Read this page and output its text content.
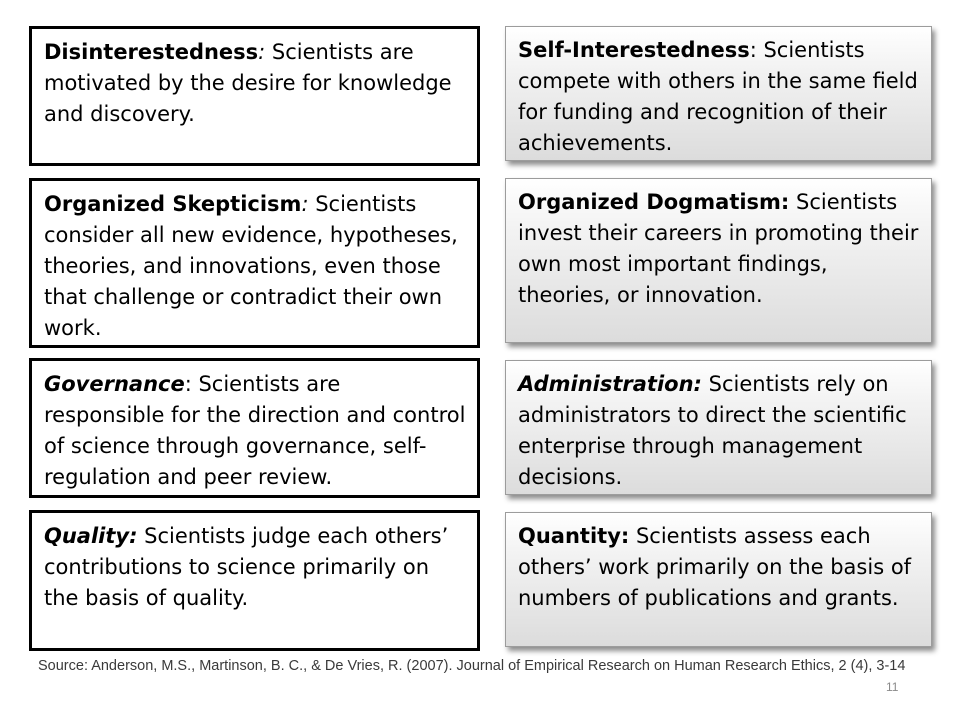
Disinterestedness: Scientists are motivated by the desire for knowledge and discovery.

Organized Skepticism: Scientists consider all new evidence, hypotheses, theories, and innovations, even those that challenge or contradict their own work.

Governance: Scientists are responsible for the direction and control of science through governance, self-regulation and peer review.

Quality: Scientists judge each others’ contributions to science primarily on the basis of quality.

Self-Interestedness: Scientists compete with others in the same field for funding and recognition of their achievements.

Organized Dogmatism: Scientists invest their careers in promoting their own most important findings, theories, or innovation.

Administration: Scientists rely on administrators to direct the scientific enterprise through management decisions.

Quantity: Scientists assess each others’ work primarily on the basis of numbers of publications and grants.

Source: Anderson, M.S., Martinson, B. C., & De Vries, R. (2007). Journal of Empirical Research on Human Research Ethics, 2 (4), 3-14
11
